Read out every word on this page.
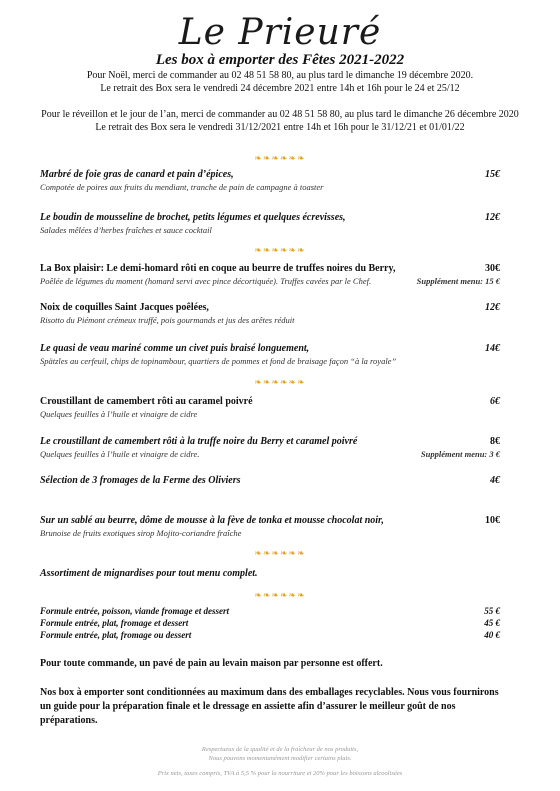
Le Prieuré
Les box à emporter des Fêtes 2021-2022
Pour Noël, merci de commander au 02 48 51 58 80, au plus tard le dimanche 19 décembre 2020.
Le retrait des Box sera le vendredi 24 décembre 2021 entre 14h et 16h pour le 24 et 25/12
Pour le réveillon et le jour de l’an, merci de commander au 02 48 51 58 80, au plus tard le dimanche 26 décembre 2020
Le retrait des Box sera le vendredi 31/12/2021 entre 14h et 16h pour le 31/12/21 et 01/01/22
❧❧❧❧❧❧
Marbré de foie gras de canard et pain d’épices,	15€
Compotée de poires aux fruits du mendiant, tranche de pain de campagne à toaster
Le boudin de mousseline de brochet, petits légumes et quelques écrevisses,	12€
Salades mêlées d’herbes fraîches et sauce cocktail
❧❧❧❧❧❧
La Box plaisir: Le demi-homard rôti en coque au beurre de truffes noires du Berry,	30€
Poêlée de légumes du moment (homard servi avec pince décortiquée). Truffes cavées par le Chef.	Supplément menu: 15 €
Noix de coquilles Saint Jacques poêlées,	12€
Risotto du Piémont crémeux truffé, pois gourmands et jus des arêtes réduit
Le quasi de veau mariné comme un civet puis braisé longuement,	14€
Spätzles au cerfeuil, chips de topinambour, quartiers de pommes et fond de braisage façon “à la royale”
❧❧❧❧❧❧
Croustillant de camembert rôti au caramel poivré	6€
Quelques feuilles à l’huile et vinaigre de cidre
Le croustillant de camembert rôti à la truffe noire du Berry et caramel poivré	8€
Quelques feuilles à l’huile et vinaigre de cidre.	Supplément menu: 3 €
Sélection de 3 fromages de la Ferme des Oliviers	4€
Sur un sablé au beurre, dôme de mousse à la fève de tonka et mousse chocolat noir,	10€
Brunoise de fruits exotiques sirop Mojito-coriandre fraîche
❧❧❧❧❧❧
Assortiment de mignardises pour tout menu complet.
❧❧❧❧❧❧
Formule entrée, poisson, viande fromage et dessert	55 €
Formule entrée, plat, fromage et dessert	45 €
Formule entrée, plat, fromage ou dessert	40 €
Pour toute commande, un pavé de pain au levain maison par personne est offert.
Nos box à emporter sont conditionnées au maximum dans des emballages recyclables. Nous vous fournirons un guide pour la préparation finale et le dressage en assiette afin d’assurer le meilleur goût de nos préparations.
Respectueux de la qualité et de la fraîcheur de nos produits,
Nous pouvons momentanément modifier certains plats.
Prix nets, taxes compris, TVA à 5,5 % pour la nourriture et 20% pour les boissons alcoolisées
